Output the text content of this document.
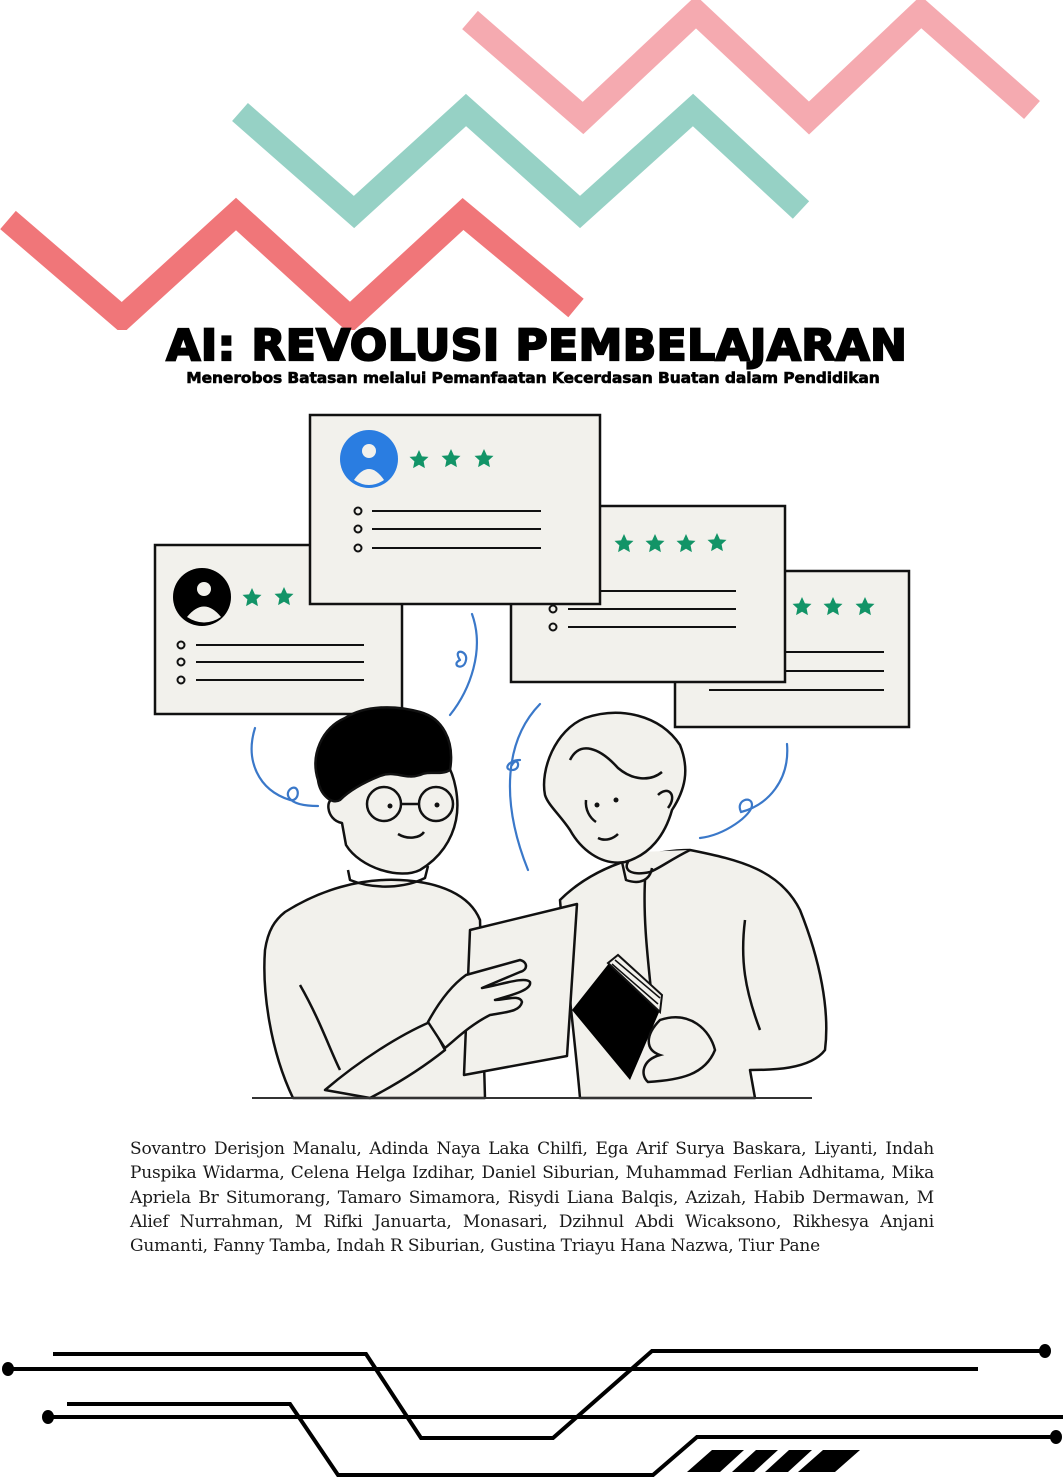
AI: REVOLUSI PEMBELAJARAN

Menerobos Batasan melalui Pemanfaatan Kecerdasan Buatan dalam Pendidikan

Sovantro Derisjon Manalu, Adinda Naya Laka Chilfi, Ega Arif Surya Baskara, Liyanti, Indah Puspika Widarma, Celena Helga Izdihar, Daniel Siburian, Muhammad Ferlian Adhitama, Mika Apriela Br Situmorang, Tamaro Simamora, Risydi Liana Balqis, Azizah, Habib Dermawan, M Alief Nurrahman, M Rifki Januarta, Monasari, Dzihnul Abdi Wicaksono, Rikhesya Anjani Gumanti, Fanny Tamba, Indah R Siburian, Gustina Triayu Hana Nazwa, Tiur Pane
